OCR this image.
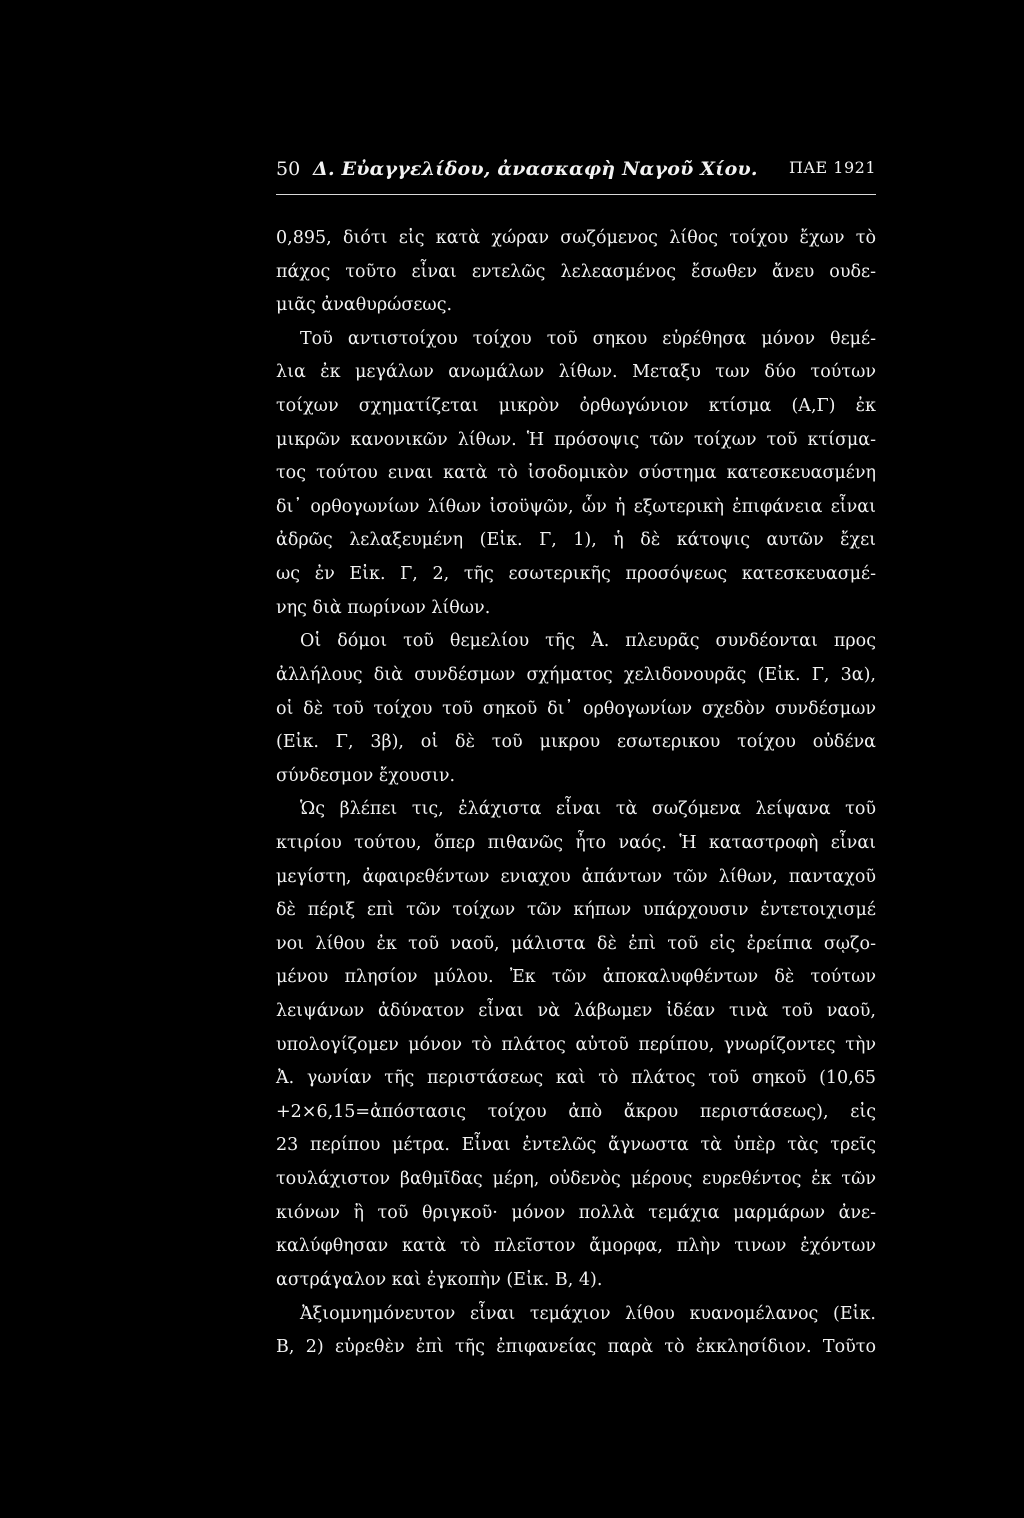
50 Δ. Εὐαγγελίδου, ἀνασκαφὴ Ναγοῦ Χίου. ΠΑΕ 1921
0,895, διότι εἰς κατὰ χώραν σωζόμενος λίθος τοίχου ἔχων τὸ
πάχος τοῦτο εἶναι εντελῶς λελεασμένος ἔσωθεν ἄνευ ουδε-
μιᾶς ἀναθυρώσεως.
Τοῦ αντιστοίχου τοίχου τοῦ σηκου εὑρέθησα μόνον θεμέ-
λια ἐκ μεγάλων ανωμάλων λίθων. Μεταξυ των δύο τούτων
τοίχων σχηματίζεται μικρὸν ὀρθωγώνιον κτίσμα (Α,Γ) ἐκ
μικρῶν κανονικῶν λίθων. Ἡ πρόσοψις τῶν τοίχων τοῦ κτίσμα-
τος τούτου ειναι κατὰ τὸ ἰσοδομικὸν σύστημα κατεσκευασμένη
δι᾿ ορθογωνίων λίθων ἰσοϋψῶν, ὧν ἡ εξωτερικὴ ἐπιφάνεια εἶναι
ἀδρῶς λελαξευμένη (Εἰκ. Γ, 1), ἡ δὲ κάτοψις αυτῶν ἔχει
ως ἐν Εἰκ. Γ, 2, τῆς εσωτερικῆς προσόψεως κατεσκευασμέ-
νης διὰ πωρίνων λίθων.
Οἱ δόμοι τοῦ θεμελίου τῆς Ἀ. πλευρᾶς συνδέονται προς
ἀλλήλους διὰ συνδέσμων σχήματος χελιδονουρᾶς (Εἰκ. Γ, 3α),
οἱ δὲ τοῦ τοίχου τοῦ σηκοῦ δι᾿ ορθογωνίων σχεδὸν συνδέσμων
(Εἰκ. Γ, 3β), οἱ δὲ τοῦ μικρου εσωτερικου τοίχου οὐδένα
σύνδεσμον ἔχουσιν.
Ὡς βλέπει τις, ἐλάχιστα εἶναι τὰ σωζόμενα λείψανα τοῦ
κτιρίου τούτου, ὅπερ πιθανῶς ἦτο ναός. Ἡ καταστροφὴ εἶναι
μεγίστη, ἀφαιρεθέντων ενιαχου ἁπάντων τῶν λίθων, πανταχοῦ
δὲ πέριξ επὶ τῶν τοίχων τῶν κήπων υπάρχουσιν ἐντετοιχισμέ
νοι λίθου ἐκ τοῦ ναοῦ, μάλιστα δὲ ἐπὶ τοῦ εἰς ἐρείπια σῳζο-
μένου πλησίον μύλου. Ἐκ τῶν ἀποκαλυφθέντων δὲ τούτων
λειψάνων ἀδύνατον εἶναι νὰ λάβωμεν ἰδέαν τινὰ τοῦ ναοῦ,
υπολογίζομεν μόνον τὸ πλάτος αὐτοῦ περίπου, γνωρίζοντες τὴν
Ἀ. γωνίαν τῆς περιστάσεως καὶ τὸ πλάτος τοῦ σηκοῦ (10,65
+2×6,15=ἀπόστασις τοίχου ἀπὸ ἄκρου περιστάσεως), εἰς
23 περίπου μέτρα. Εἶναι ἐντελῶς ἄγνωστα τὰ ὑπὲρ τὰς τρεῖς
τουλάχιστον βαθμῖδας μέρη, οὐδενὸς μέρους ευρεθέντος ἐκ τῶν
κιόνων ἢ τοῦ θριγκοῦ· μόνον πολλὰ τεμάχια μαρμάρων ἀνε-
καλύφθησαν κατὰ τὸ πλεῖστον ἄμορφα, πλὴν τινων ἐχόντων
αστράγαλον καὶ ἐγκοπὴν (Εἰκ. Β, 4).
Ἀξιομνημόνευτον εἶναι τεμάχιον λίθου κυανομέλανος (Εἰκ.
Β, 2) εὑρεθὲν ἐπὶ τῆς ἐπιφανείας παρὰ τὸ ἐκκλησίδιον. Τοῦτο
